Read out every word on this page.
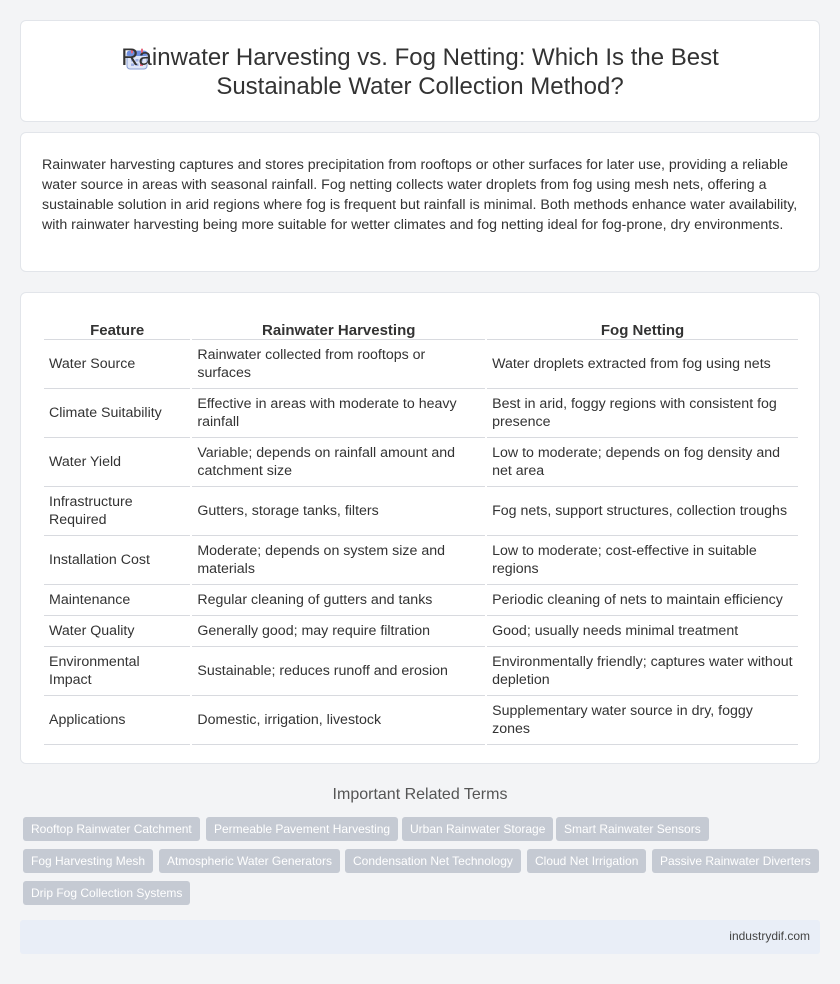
Rainwater Harvesting vs. Fog Netting: Which Is the Best
Sustainable Water Collection Method?

Rainwater harvesting captures and stores precipitation from rooftops or other surfaces for later use, providing a reliable water source in areas with seasonal rainfall. Fog netting collects water droplets from fog using mesh nets, offering a sustainable solution in arid regions where fog is frequent but rainfall is minimal. Both methods enhance water availability, with rainwater harvesting being more suitable for wetter climates and fog netting ideal for fog-prone, dry environments.

Feature	Rainwater Harvesting	Fog Netting
Water Source	Rainwater collected from rooftops or surfaces	Water droplets extracted from fog using nets
Climate Suitability	Effective in areas with moderate to heavy rainfall	Best in arid, foggy regions with consistent fog presence
Water Yield	Variable; depends on rainfall amount and catchment size	Low to moderate; depends on fog density and net area
Infrastructure Required	Gutters, storage tanks, filters	Fog nets, support structures, collection troughs
Installation Cost	Moderate; depends on system size and materials	Low to moderate; cost-effective in suitable regions
Maintenance	Regular cleaning of gutters and tanks	Periodic cleaning of nets to maintain efficiency
Water Quality	Generally good; may require filtration	Good; usually needs minimal treatment
Environmental Impact	Sustainable; reduces runoff and erosion	Environmentally friendly; captures water without depletion
Applications	Domestic, irrigation, livestock	Supplementary water source in dry, foggy zones
Important Related Terms
Rooftop Rainwater Catchment	Permeable Pavement Harvesting	Urban Rainwater Storage	Smart Rainwater Sensors
Fog Harvesting Mesh	Atmospheric Water Generators	Condensation Net Technology	Cloud Net Irrigation	Passive Rainwater Diverters
Drip Fog Collection Systems
industrydif.com
